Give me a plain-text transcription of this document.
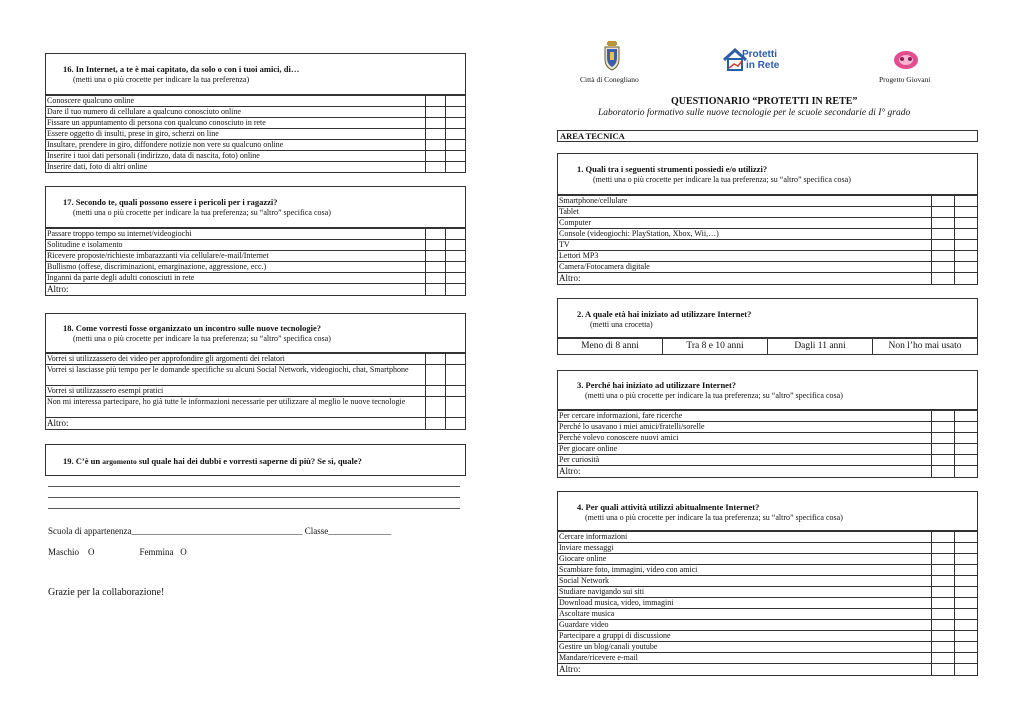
16. In Internet, a te è mai capitato, da solo o con i tuoi amici, di…
(metti una o più crocette per indicare la tua preferenza)
Conoscere qualcuno online		
Dare il tuo numero di cellulare a qualcuno conosciuto online		
Fissare un appuntamento di persona con qualcuno conosciuto in rete		
Essere oggetto di insulti, prese in giro, scherzi on line		
Insultare, prendere in giro, diffondere notizie non vere su qualcuno online		
Inserire i tuoi dati personali (indirizzo, data di nascita, foto) online		
Inserire dati, foto di altri online		
17. Secondo te, quali possono essere i pericoli per i ragazzi?
(metti una o più crocette per indicare la tua preferenza; su “altro” specifica cosa)
Passare troppo tempo su internet/videogiochi		
Solitudine e isolamento		
Ricevere proposte/richieste imbarazzanti via cellulare/e-mail/Internet		
Bullismo (offese, discriminazioni, emarginazione, aggressione, ecc.)		
Inganni da parte degli adulti conosciuti in rete		
Altro:		
18. Come vorresti fosse organizzato un incontro sulle nuove tecnologie?
(metti una o più crocette per indicare la tua preferenza; su “altro” specifica cosa)
Vorrei si utilizzassero dei video per approfondire gli argomenti dei relatori		
Vorrei si lasciasse più tempo per le domande specifiche su alcuni Social Network, videogiochi, chat, Smartphone		
Vorrei si utilizzassero esempi pratici		
Non mi interessa partecipare, ho già tutte le informazioni necessarie per utilizzare al meglio le nuove tecnologie		
Altro:		
19. C’è un argomento sul quale hai dei dubbi e vorresti saperne di più? Se sì, quale?
Scuola di appartenenza______________________________________ Classe______________
Maschio    O                    Femmina   O
Grazie per la collaborazione!
Città di Conegliano
Protetti
in Rete
Progetto Giovani
QUESTIONARIO “PROTETTI IN RETE”
Laboratorio formativo sulle nuove tecnologie per le scuole secondarie di I° grado
AREA TECNICA
1. Quali tra i seguenti strumenti possiedi e/o utilizzi?
(metti una o più crocette per indicare la tua preferenza; su “altro” specifica cosa)
Smartphone/cellulare		
Tablet		
Computer		
Console (videogiochi: PlayStation, Xbox, Wii,…)		
TV		
Lettori MP3		
Camera/Fotocamera digitale		
Altro:		
2. A quale età hai iniziato ad utilizzare Internet?
(metti una crocetta)
Meno di 8 anni	Tra 8 e 10 anni	Dagli 11 anni	Non l’ho mai usato
3. Perché hai iniziato ad utilizzare Internet?
(metti una o più crocette per indicare la tua preferenza; su “altro” specifica cosa)
Per cercare informazioni, fare ricerche		
Perché lo usavano i miei amici/fratelli/sorelle		
Perché volevo conoscere nuovi amici		
Per giocare online		
Per curiosità		
Altro:		
4. Per quali attività utilizzi abitualmente Internet?
(metti una o più crocette per indicare la tua preferenza; su “altro” specifica cosa)
Cercare informazioni		
Inviare messaggi		
Giocare online		
Scambiare foto, immagini, video con amici		
Social Network		
Studiare navigando sui siti		
Download musica, video, immagini		
Ascoltare musica		
Guardare video		
Partecipare a gruppi di discussione		
Gestire un blog/canali youtube		
Mandare/ricevere e-mail		
Altro:		
